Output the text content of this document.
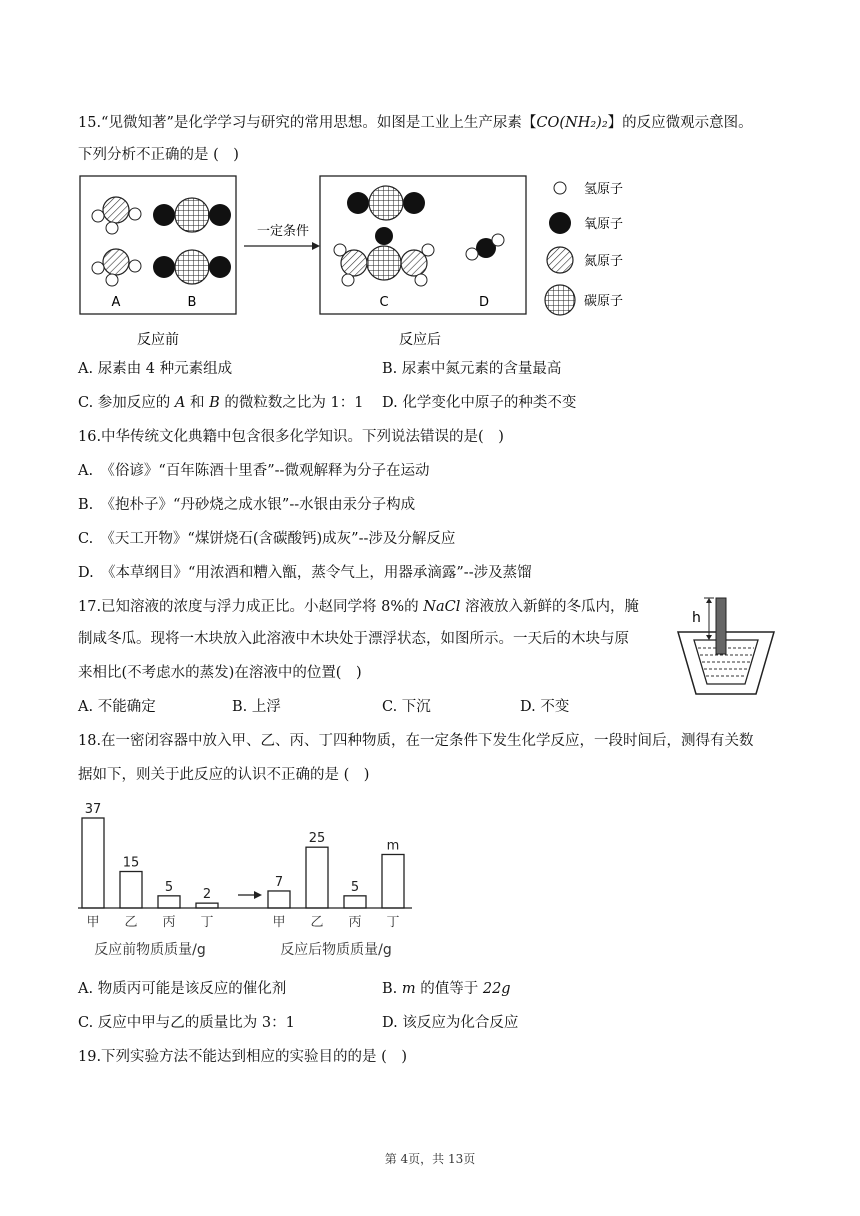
15.“见微知著”是化学学习与研究的常用思想。如图是工业上生产尿素【CO(NH₂)₂】的反应微观示意图。
下列分析不正确的是 (　)
A	B
反应前
一定条件
C	D
反应后
氢原子
氧原子
氮原子
碳原子
A. 尿素由 4 种元素组成	B. 尿素中氮元素的含量最高
C. 参加反应的 A 和 B 的微粒数之比为 1：1 D. 化学变化中原子的种类不变
16.中华传统文化典籍中包含很多化学知识。下列说法错误的是(　)
A.　《俗谚》“百年陈酒十里香”--微观解释为分子在运动
B.　《抱朴子》“丹砂烧之成水银”--水银由汞分子构成
C.　《天工开物》“煤饼烧石(含碳酸钙)成灰”--涉及分解反应
D.　《本草纲目》“用浓酒和糟入甑，蒸令气上，用器承滴露”--涉及蒸馏
17.已知溶液的浓度与浮力成正比。小赵同学将 8%的 NaCl 溶液放入新鲜的冬瓜内，腌
制咸冬瓜。现将一木块放入此溶液中木块处于漂浮状态，如图所示。一天后的木块与原
来相比(不考虑水的蒸发)在溶液中的位置(　)
h
A. 不能确定	B. 上浮	C. 下沉	D. 不变
18.在一密闭容器中放入甲、乙、丙、丁四种物质，在一定条件下发生化学反应，一段时间后，测得有关数
据如下，则关于此反应的认识不正确的是 (　)
37
甲
15
乙
5
丙
2
丁
反应前物质质量/g
7
甲
25
乙
5
丙
m
丁
反应后物质质量/g
A. 物质丙可能是该反应的催化剂	B. m 的值等于 22g
C. 反应中甲与乙的质量比为 3：1	D. 该反应为化合反应
19.下列实验方法不能达到相应的实验目的的是 (　)
第 4页，共 13页
